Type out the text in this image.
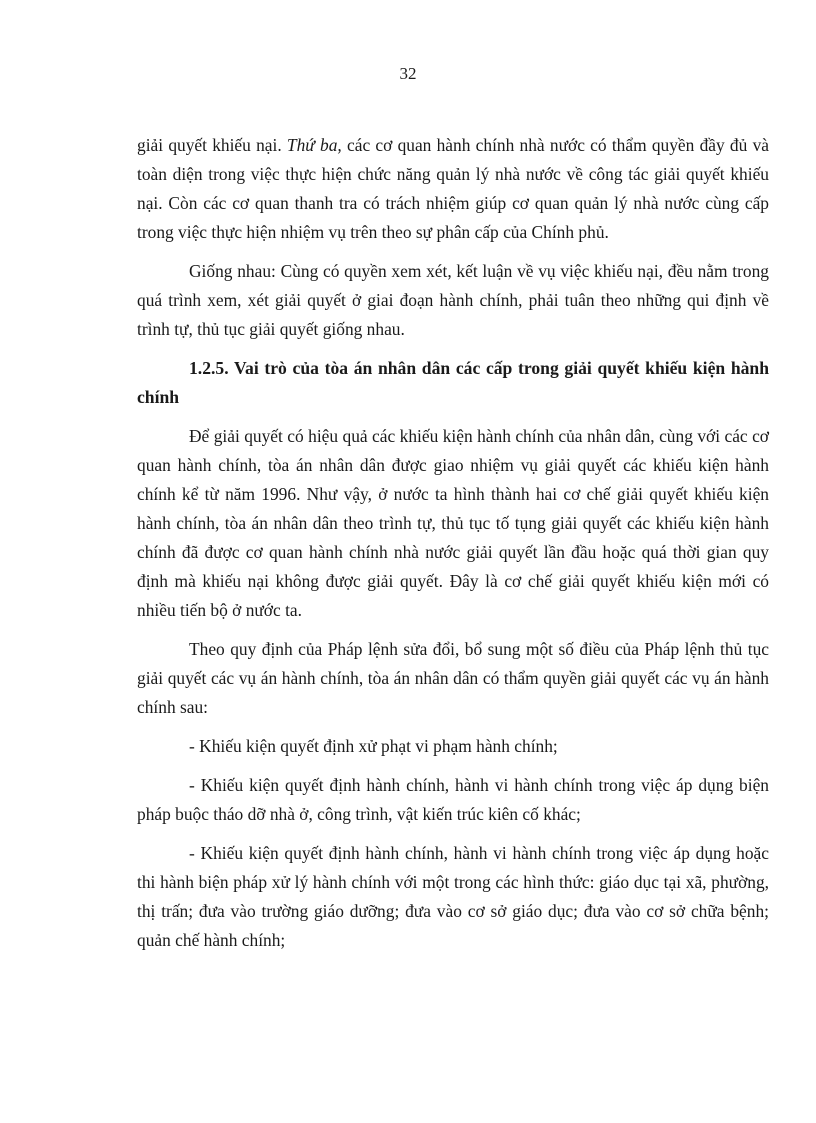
32

giải quyết khiếu nại. Thứ ba, các cơ quan hành chính nhà nước có thẩm quyền đầy đủ và toàn diện trong việc thực hiện chức năng quản lý nhà nước về công tác giải quyết khiếu nại. Còn các cơ quan thanh tra có trách nhiệm giúp cơ quan quản lý nhà nước cùng cấp trong việc thực hiện nhiệm vụ trên theo sự phân cấp của Chính phủ.

Giống nhau: Cùng có quyền xem xét, kết luận về vụ việc khiếu nại, đều nằm trong quá trình xem, xét giải quyết ở giai đoạn hành chính, phải tuân theo những qui định về trình tự, thủ tục giải quyết giống nhau.

1.2.5. Vai trò của tòa án nhân dân các cấp trong giải quyết khiếu kiện hành chính

Để giải quyết có hiệu quả các khiếu kiện hành chính của nhân dân, cùng với các cơ quan hành chính, tòa án nhân dân được giao nhiệm vụ giải quyết các khiếu kiện hành chính kể từ năm 1996. Như vậy, ở nước ta hình thành hai cơ chế giải quyết khiếu kiện hành chính, tòa án nhân dân theo trình tự, thủ tục tố tụng giải quyết các khiếu kiện hành chính đã được cơ quan hành chính nhà nước giải quyết lần đầu hoặc quá thời gian quy định mà khiếu nại không được giải quyết. Đây là cơ chế giải quyết khiếu kiện mới có nhiều tiến bộ ở nước ta.

Theo quy định của Pháp lệnh sửa đổi, bổ sung một số điều của Pháp lệnh thủ tục giải quyết các vụ án hành chính, tòa án nhân dân có thẩm quyền giải quyết các vụ án hành chính sau:

- Khiếu kiện quyết định xử phạt vi phạm hành chính;

- Khiếu kiện quyết định hành chính, hành vi hành chính trong việc áp dụng biện pháp buộc tháo dỡ nhà ở, công trình, vật kiến trúc kiên cố khác;

- Khiếu kiện quyết định hành chính, hành vi hành chính trong việc áp dụng hoặc thi hành biện pháp xử lý hành chính với một trong các hình thức: giáo dục tại xã, phường, thị trấn; đưa vào trường giáo dưỡng; đưa vào cơ sở giáo dục; đưa vào cơ sở chữa bệnh; quản chế hành chính;
